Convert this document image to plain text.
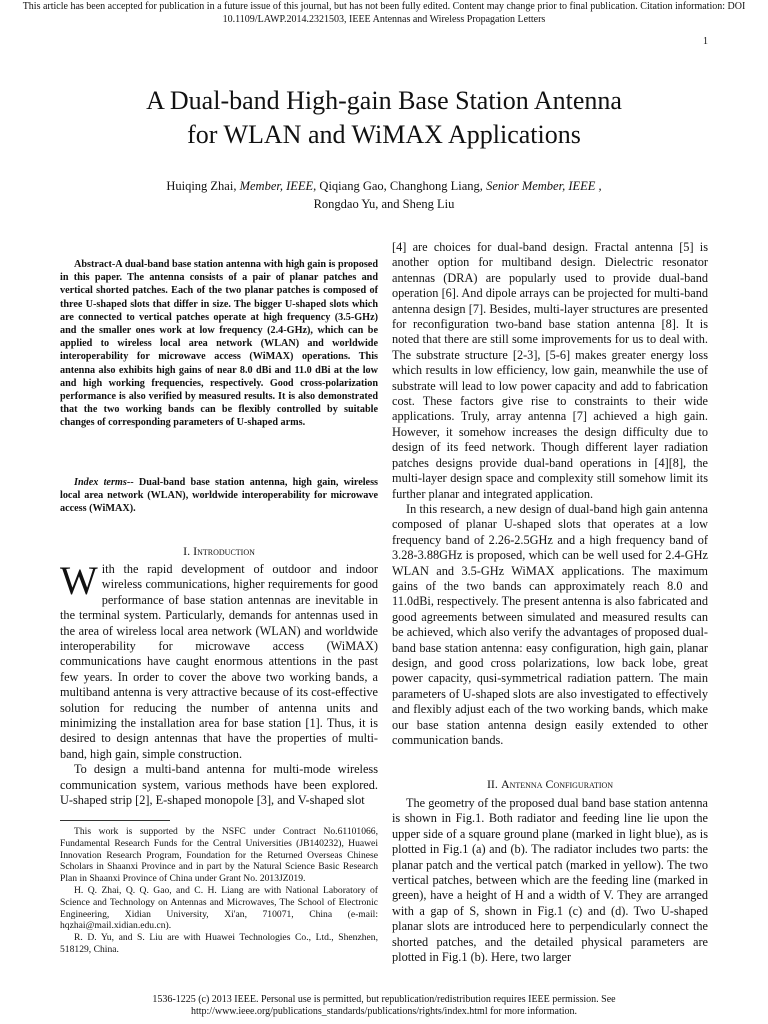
This article has been accepted for publication in a future issue of this journal, but has not been fully edited. Content may change prior to final publication. Citation information: DOI
10.1109/LAWP.2014.2321503, IEEE Antennas and Wireless Propagation Letters
1
A Dual-band High-gain Base Station Antenna
for WLAN and WiMAX Applications
Huiqing Zhai, Member, IEEE, Qiqiang Gao, Changhong Liang, Senior Member, IEEE ,
Rongdao Yu, and Sheng Liu
Abstract-A dual-band base station antenna with high gain is proposed in this paper. The antenna consists of a pair of planar patches and vertical shorted patches. Each of the two planar patches is composed of three U-shaped slots that differ in size. The bigger U-shaped slots which are connected to vertical patches operate at high frequency (3.5-GHz) and the smaller ones work at low frequency (2.4-GHz), which can be applied to wireless local area network (WLAN) and worldwide interoperability for microwave access (WiMAX) operations. This antenna also exhibits high gains of near 8.0 dBi and 11.0 dBi at the low and high working frequencies, respectively. Good cross-polarization performance is also verified by measured results. It is also demonstrated that the two working bands can be flexibly controlled by suitable changes of corresponding parameters of U-shaped arms.
Index terms-- Dual-band base station antenna, high gain, wireless local area network (WLAN), worldwide interoperability for microwave access (WiMAX).
I. Introduction

With the rapid development of outdoor and indoor wireless communications, higher requirements for good performance of base station antennas are inevitable in the terminal system. Particularly, demands for antennas used in the area of wireless local area network (WLAN) and worldwide interoperability for microwave access (WiMAX) communications have caught enormous attentions in the past few years. In order to cover the above two working bands, a multiband antenna is very attractive because of its cost-effective solution for reducing the number of antenna units and minimizing the installation area for base station [1]. Thus, it is desired to design antennas that have the properties of multi-band, high gain, simple construction.

To design a multi-band antenna for multi-mode wireless communication system, various methods have been explored. U-shaped strip [2], E-shaped monopole [3], and V-shaped slot

This work is supported by the NSFC under Contract No.61101066, Fundamental Research Funds for the Central Universities (JB140232), Huawei Innovation Research Program, Foundation for the Returned Overseas Chinese Scholars in Shaanxi Province and in part by the Natural Science Basic Research Plan in Shaanxi Province of China under Grant No. 2013JZ019.

H. Q. Zhai, Q. Q. Gao, and C. H. Liang are with National Laboratory of Science and Technology on Antennas and Microwaves, The School of Electronic Engineering, Xidian University, Xi'an, 710071, China (e-mail: hqzhai@mail.xidian.edu.cn).

R. D. Yu, and S. Liu are with Huawei Technologies Co., Ltd., Shenzhen, 518129, China.

[4] are choices for dual-band design. Fractal antenna [5] is another option for multiband design. Dielectric resonator antennas (DRA) are popularly used to provide dual-band operation [6]. And dipole arrays can be projected for multi-band antenna design [7]. Besides, multi-layer structures are presented for reconfiguration two-band base station antenna [8]. It is noted that there are still some improvements for us to deal with. The substrate structure [2-3], [5-6] makes greater energy loss which results in low efficiency, low gain, meanwhile the use of substrate will lead to low power capacity and add to fabrication cost. These factors give rise to constraints to their wide applications. Truly, array antenna [7] achieved a high gain. However, it somehow increases the design difficulty due to design of its feed network. Though different layer radiation patches designs provide dual-band operations in [4][8], the multi-layer design space and complexity still somehow limit its further planar and integrated application.

In this research, a new design of dual-band high gain antenna composed of planar U-shaped slots that operates at a low frequency band of 2.26-2.5GHz and a high frequency band of 3.28-3.88GHz is proposed, which can be well used for 2.4-GHz WLAN and 3.5-GHz WiMAX applications. The maximum gains of the two bands can approximately reach 8.0 and 11.0dBi, respectively. The present antenna is also fabricated and good agreements between simulated and measured results can be achieved, which also verify the advantages of proposed dual-band base station antenna: easy configuration, high gain, planar design, and good cross polarizations, low back lobe, great power capacity, qusi-symmetrical radiation pattern. The main parameters of U-shaped slots are also investigated to effectively and flexibly adjust each of the two working bands, which make our base station antenna design easily extended to other communication bands.

II. Antenna Configuration

The geometry of the proposed dual band base station antenna is shown in Fig.1. Both radiator and feeding line lie upon the upper side of a square ground plane (marked in light blue), as is plotted in Fig.1 (a) and (b). The radiator includes two parts: the planar patch and the vertical patch (marked in yellow). The two vertical patches, between which are the feeding line (marked in green), have a height of H and a width of V. They are arranged with a gap of S, shown in Fig.1 (c) and (d). Two U-shaped planar slots are introduced here to perpendicularly connect the shorted patches, and the detailed physical parameters are plotted in Fig.1 (b). Here, two larger

1536-1225 (c) 2013 IEEE. Personal use is permitted, but republication/redistribution requires IEEE permission. See
http://www.ieee.org/publications_standards/publications/rights/index.html for more information.
